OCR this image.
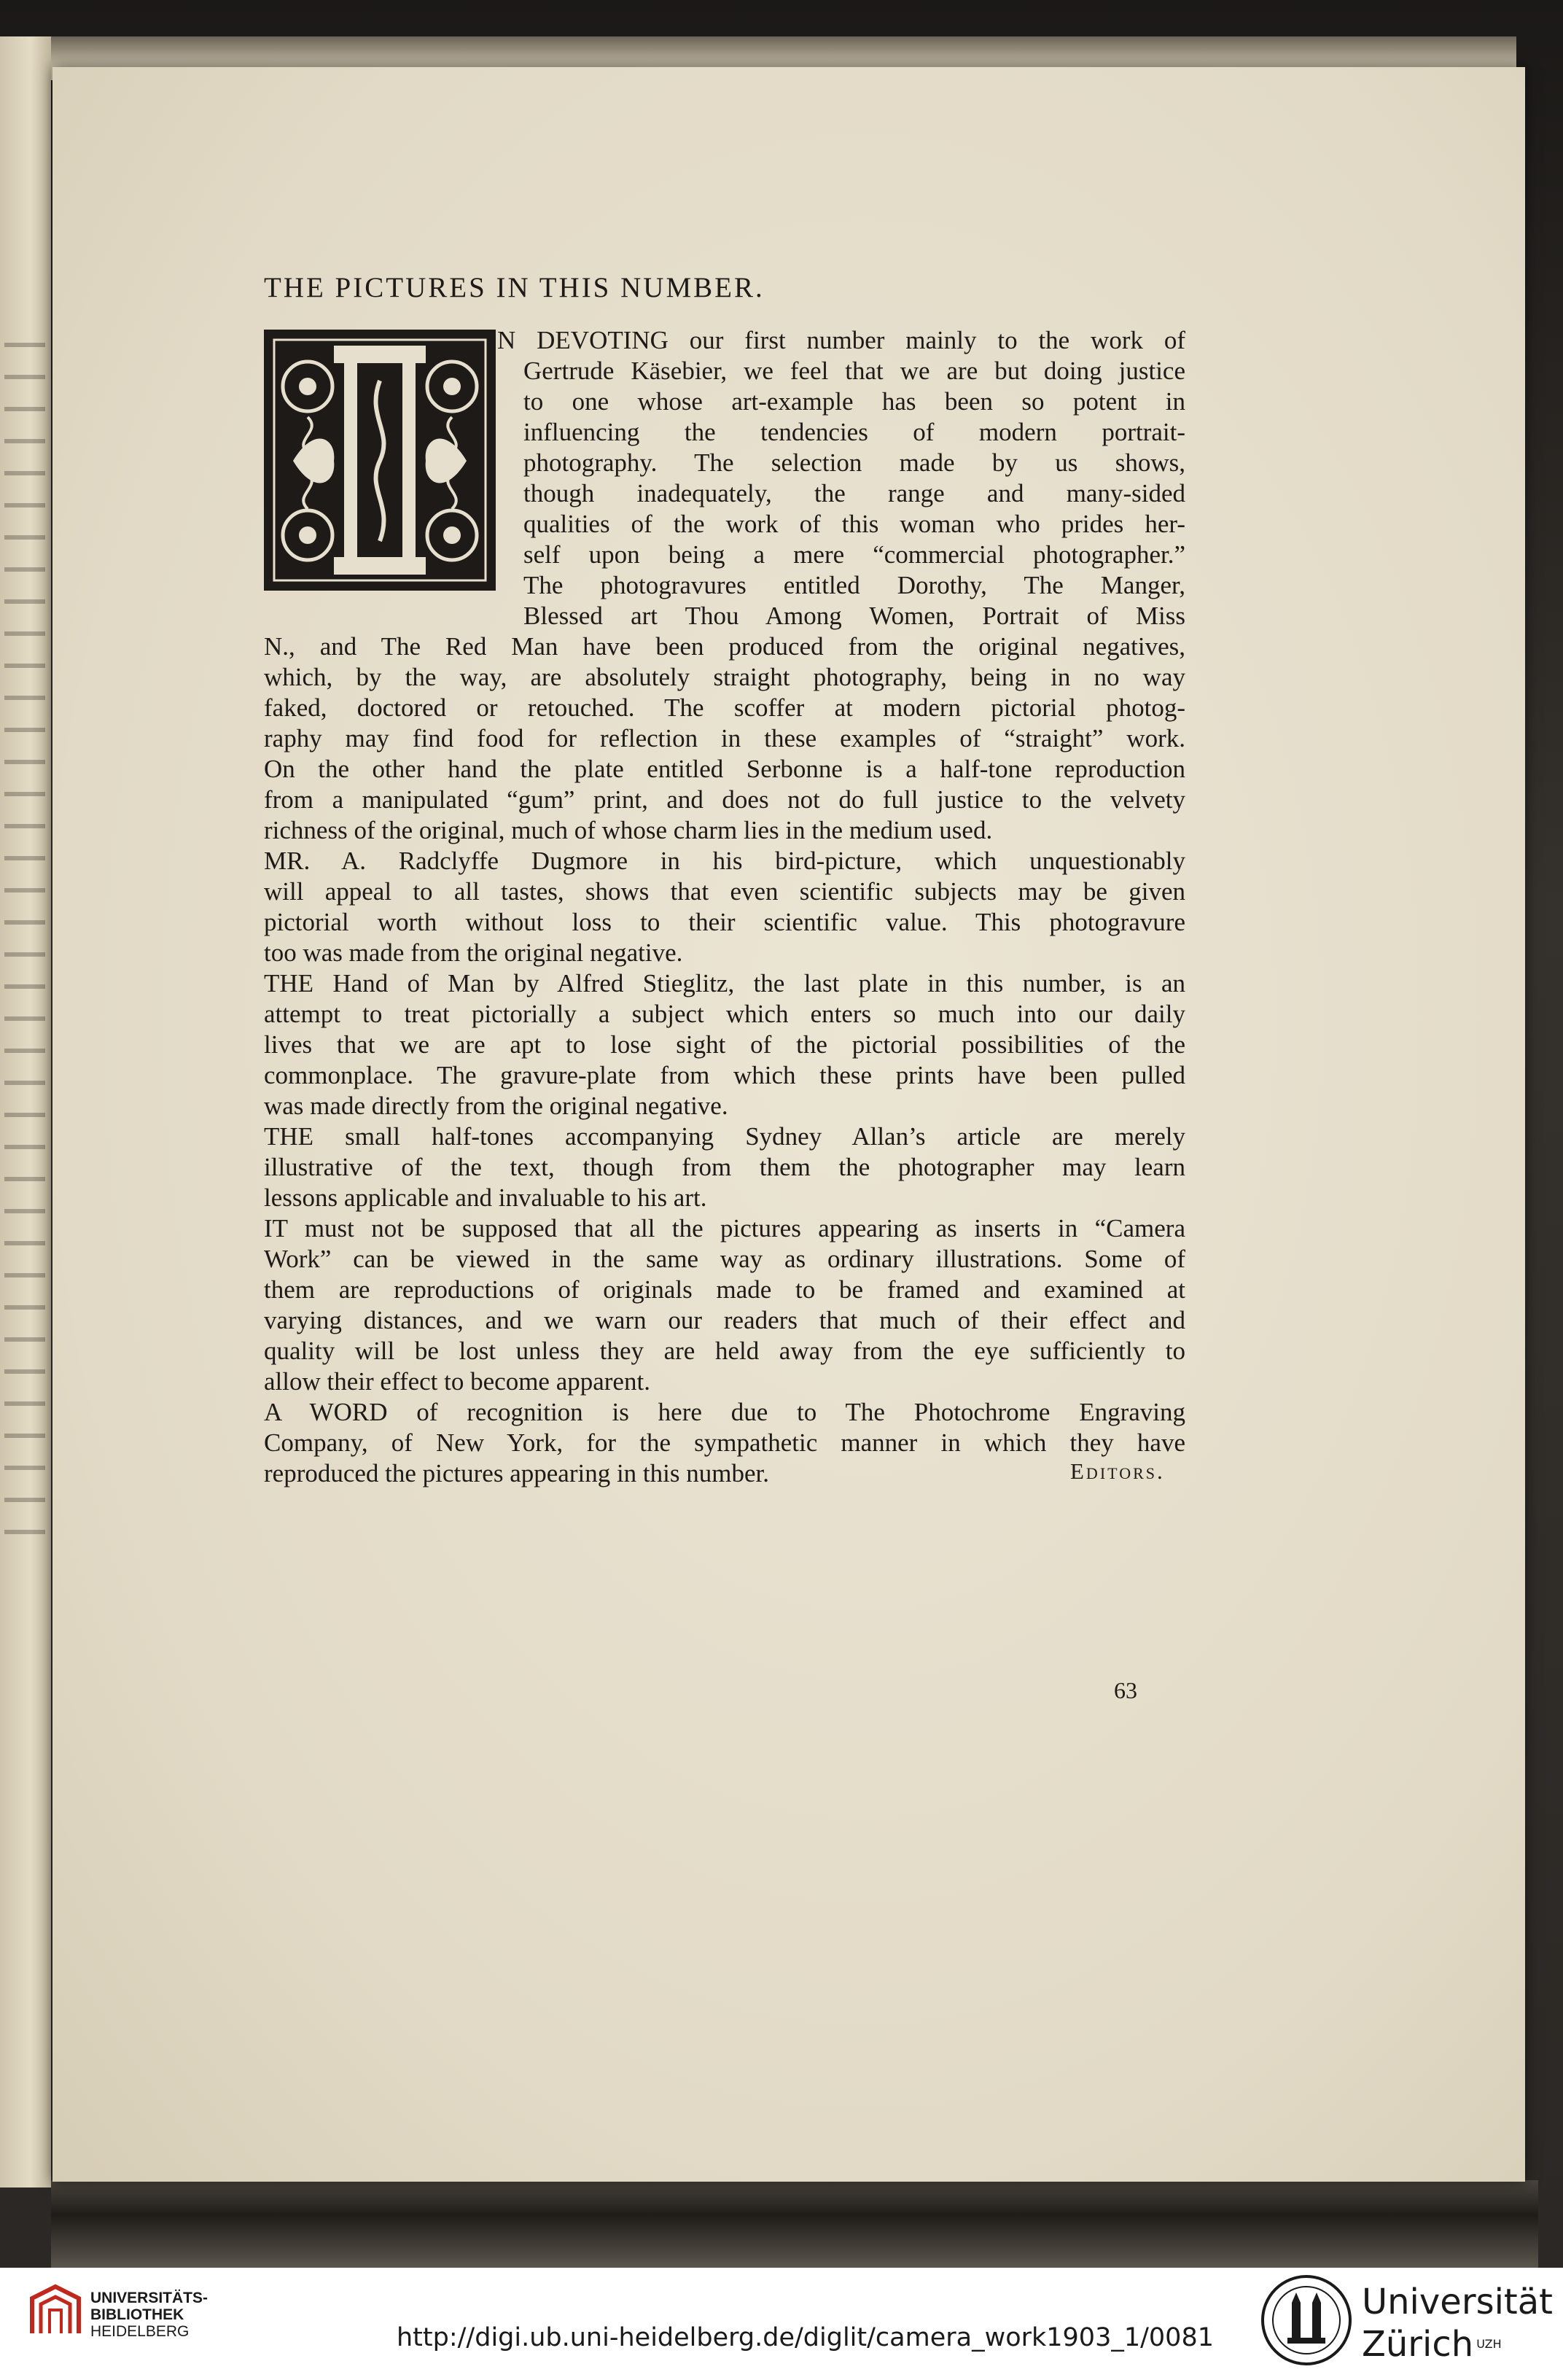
THE PICTURES IN THIS NUMBER.
N DEVOTING our first number mainly to the work of
Gertrude Käsebier, we feel that we are but doing justice
to one whose art-example has been so potent in
influencing the tendencies of modern portrait-
photography. The selection made by us shows,
though inadequately, the range and many-sided
qualities of the work of this woman who prides her-
self upon being a mere “commercial photographer.”
The photogravures entitled Dorothy, The Manger,
Blessed art Thou Among Women, Portrait of Miss
N., and The Red Man have been produced from the original negatives,
which, by the way, are absolutely straight photography, being in no way
faked, doctored or retouched. The scoffer at modern pictorial photog-
raphy may find food for reflection in these examples of “straight” work.
On the other hand the plate entitled Serbonne is a half-tone reproduction
from a manipulated “gum” print, and does not do full justice to the velvety
richness of the original, much of whose charm lies in the medium used.
MR. A. Radclyffe Dugmore in his bird-picture, which unquestionably
will appeal to all tastes, shows that even scientific subjects may be given
pictorial worth without loss to their scientific value. This photogravure
too was made from the original negative.
THE Hand of Man by Alfred Stieglitz, the last plate in this number, is an
attempt to treat pictorially a subject which enters so much into our daily
lives that we are apt to lose sight of the pictorial possibilities of the
commonplace. The gravure-plate from which these prints have been pulled
was made directly from the original negative.
THE small half-tones accompanying Sydney Allan’s article are merely
illustrative of the text, though from them the photographer may learn
lessons applicable and invaluable to his art.
IT must not be supposed that all the pictures appearing as inserts in “Camera
Work” can be viewed in the same way as ordinary illustrations. Some of
them are reproductions of originals made to be framed and examined at
varying distances, and we warn our readers that much of their effect and
quality will be lost unless they are held away from the eye sufficiently to
allow their effect to become apparent.
A WORD of recognition is here due to The Photochrome Engraving
Company, of New York, for the sympathetic manner in which they have
reproduced the pictures appearing in this number.	Editors.
63
UNIVERSITÄTS-
BIBLIOTHEK
HEIDELBERG	http://digi.ub.uni-heidelberg.de/diglit/camera_work1903_1/0081
Universität
Zürich $^{UZH}$
